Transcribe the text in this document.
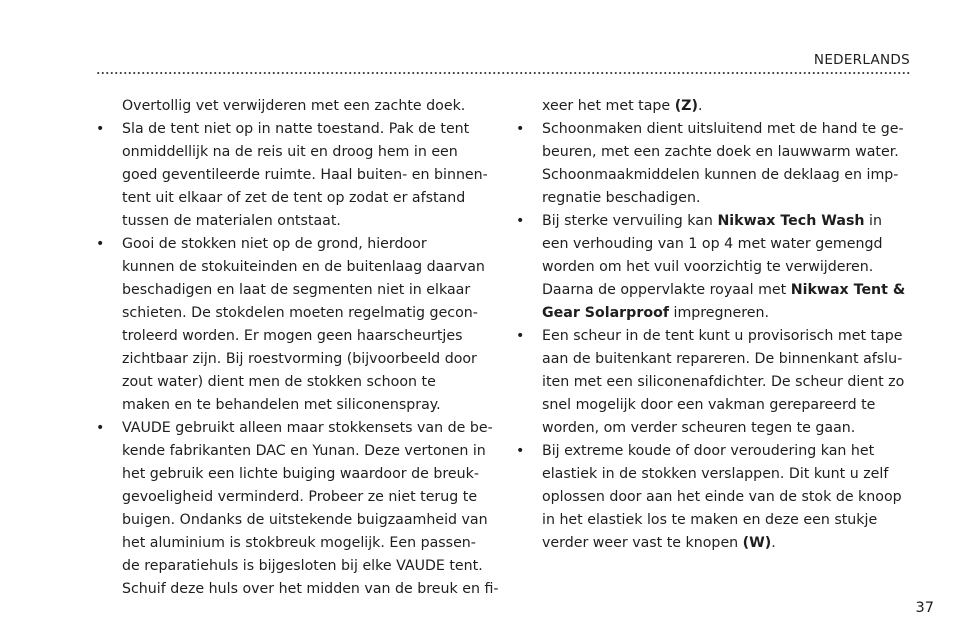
NEDERLANDS
Overtollig vet verwijderen met een zachte doek.
• Sla de tent niet op in natte toestand. Pak de tent
onmiddellijk na de reis uit en droog hem in een
goed geventileerde ruimte. Haal buiten- en binnen-
tent uit elkaar of zet de tent op zodat er afstand
tussen de materialen ontstaat.
• Gooi de stokken niet op de grond, hierdoor
kunnen de stokuiteinden en de buitenlaag daarvan
beschadigen en laat de segmenten niet in elkaar
schieten. De stokdelen moeten regelmatig gecon-
troleerd worden. Er mogen geen haarscheurtjes
zichtbaar zijn. Bij roestvorming (bijvoorbeeld door
zout water) dient men de stokken schoon te
maken en te behandelen met siliconenspray.
• VAUDE gebruikt alleen maar stokkensets van de be-
kende fabrikanten DAC en Yunan. Deze vertonen in
het gebruik een lichte buiging waardoor de breuk-
gevoeligheid verminderd. Probeer ze niet terug te
buigen. Ondanks de uitstekende buigzaamheid van
het aluminium is stokbreuk mogelijk. Een passen-
de reparatiehuls is bijgesloten bij elke VAUDE tent.
Schuif deze huls over het midden van de breuk en fi-
xeer het met tape (Z).
• Schoonmaken dient uitsluitend met de hand te ge-
beuren, met een zachte doek en lauwwarm water.
Schoonmaakmiddelen kunnen de deklaag en imp-
regnatie beschadigen.
• Bij sterke vervuiling kan Nikwax Tech Wash in
een verhouding van 1 op 4 met water gemengd
worden om het vuil voorzichtig te verwijderen.
Daarna de oppervlakte royaal met Nikwax Tent &
Gear Solarproof impregneren.
• Een scheur in de tent kunt u provisorisch met tape
aan de buitenkant repareren. De binnenkant afslu-
iten met een siliconenafdichter. De scheur dient zo
snel mogelijk door een vakman gerepareerd te
worden, om verder scheuren tegen te gaan.
• Bij extreme koude of door veroudering kan het
elastiek in de stokken verslappen. Dit kunt u zelf
oplossen door aan het einde van de stok de knoop
in het elastiek los te maken en deze een stukje
verder weer vast te knopen (W).
37
